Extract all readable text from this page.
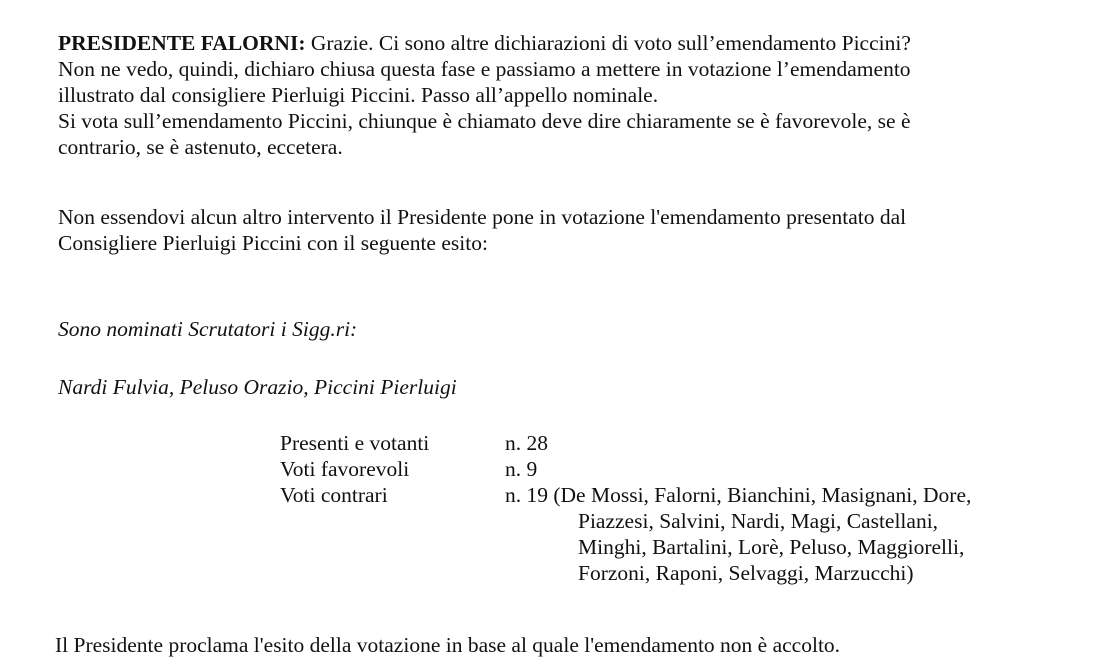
PRESIDENTE FALORNI: Grazie. Ci sono altre dichiarazioni di voto sull’emendamento Piccini?
Non ne vedo, quindi, dichiaro chiusa questa fase e passiamo a mettere in votazione l’emendamento
illustrato dal consigliere Pierluigi Piccini. Passo all’appello nominale.
Si vota sull’emendamento Piccini, chiunque è chiamato deve dire chiaramente se è favorevole, se è
contrario, se è astenuto, eccetera.
Non essendovi alcun altro intervento il Presidente pone in votazione l'emendamento presentato dal
Consigliere Pierluigi Piccini con il seguente esito:
Sono nominati Scrutatori i Sigg.ri:
Nardi Fulvia, Peluso Orazio, Piccini Pierluigi
Presenti e votanti	n. 28
Voti favorevoli	n. 9
Voti contrari	n. 19 (De Mossi, Falorni, Bianchini, Masignani, Dore,
Piazzesi, Salvini, Nardi, Magi, Castellani,
Minghi, Bartalini, Lorè, Peluso, Maggiorelli,
Forzoni, Raponi, Selvaggi, Marzucchi)
Il Presidente proclama l'esito della votazione in base al quale l'emendamento non è accolto.
